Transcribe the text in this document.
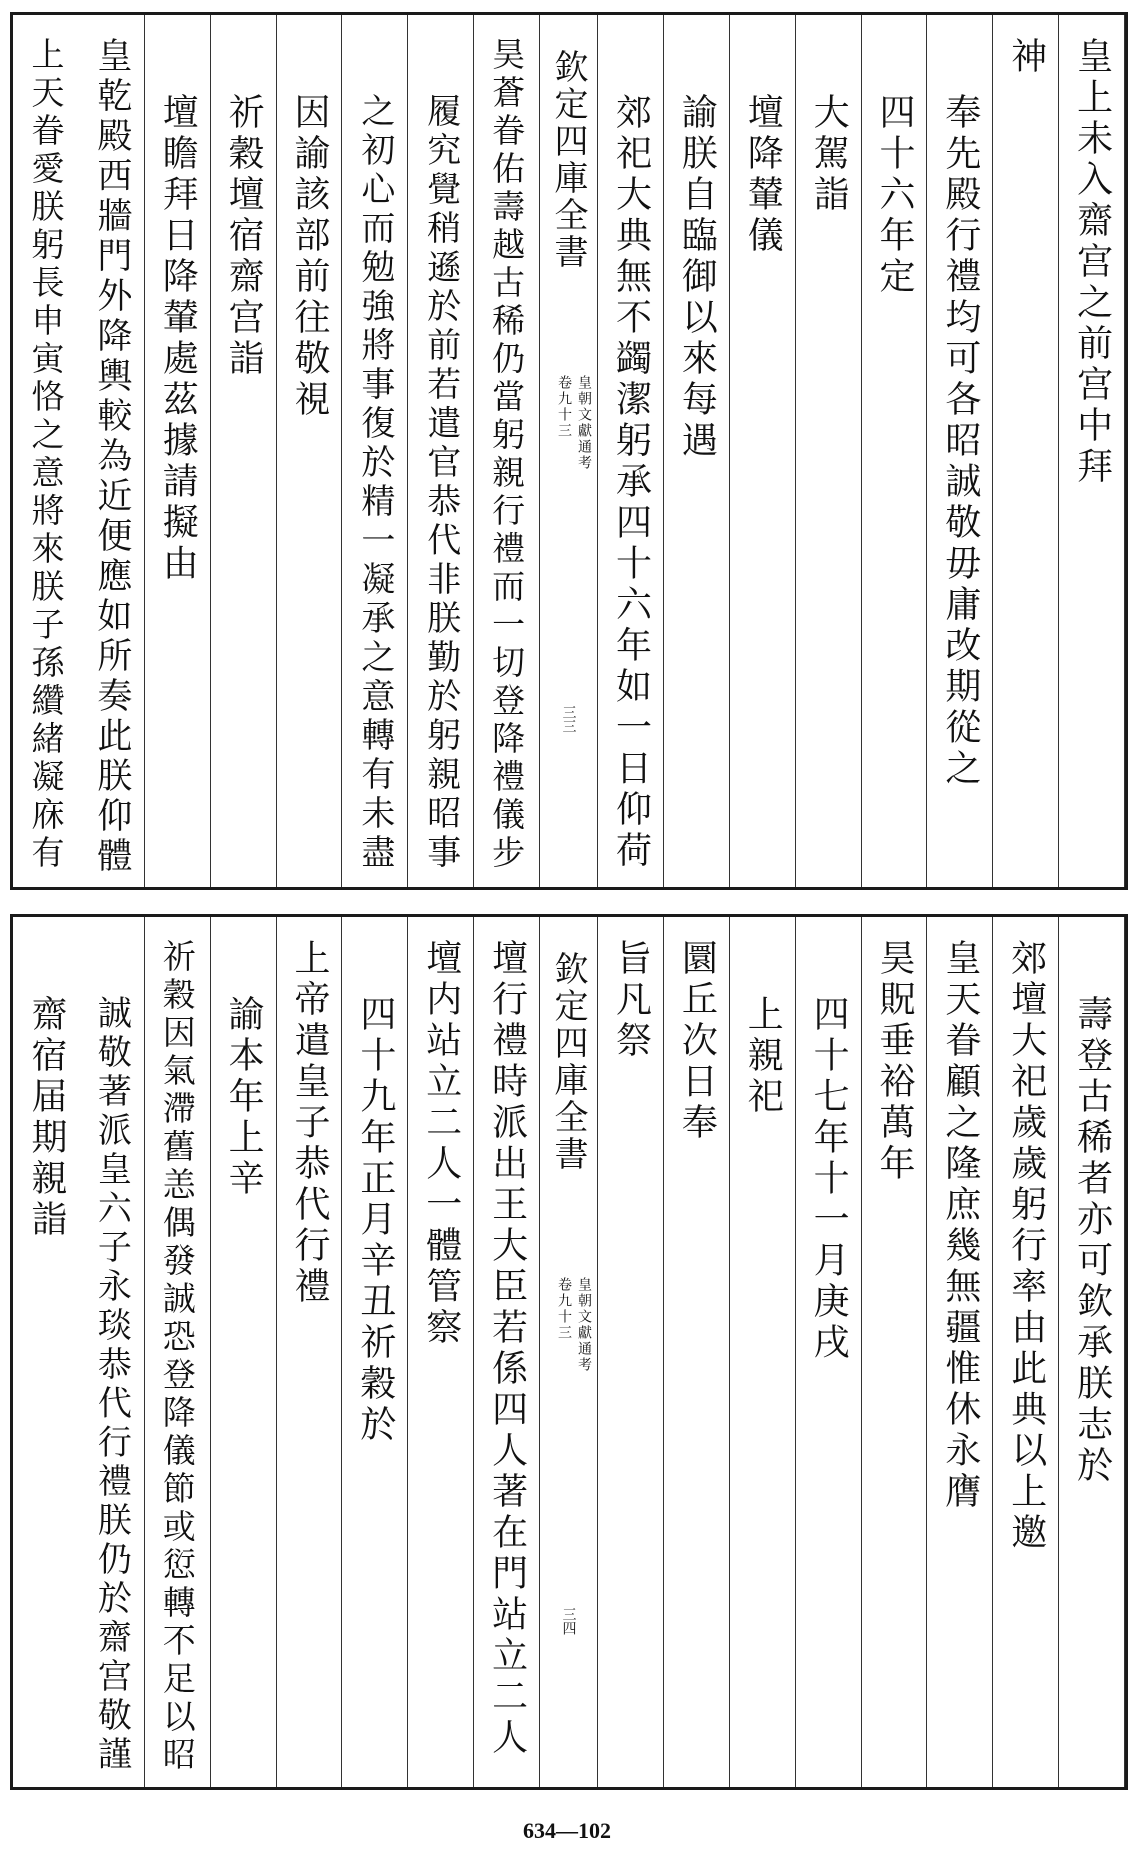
皇上未入齋宫之前宫中拜
神
奉先殿行禮均可各昭誠敬毋庸改期從之
四十六年定
大駕詣
壇降輦儀
諭朕自臨御以來每遇
郊祀大典無不蠲潔躬承四十六年如一日仰荷
欽定四庫全書
皇朝文獻通考
卷九十三
三三
昊蒼眷佑壽越古稀仍當躬親行禮而一切登降禮儀步
履究覺稍遜於前若遣官恭代非朕勤於躬親昭事
之初心而勉強將事復於精一凝承之意轉有未盡
因諭該部前往敬視
祈穀壇宿齋宫詣
壇瞻拜日降輦處茲據請擬由
皇乾殿西牆門外降輿較為近便應如所奏此朕仰體
上天眷愛朕躬長申寅恪之意將來朕子孫纘緒凝庥有
壽登古稀者亦可欽承朕志於
郊壇大祀歲歲躬行率由此典以上邀
皇天眷顧之隆庶幾無疆惟休永膺
昊貺垂裕萬年
四十七年十一月庚戌
上親祀
圜丘次日奉
旨凡祭
欽定四庫全書
皇朝文獻通考
卷九十三
三四
壇行禮時派出王大臣若係四人著在門站立二人
壇内站立二人一體管察
四十九年正月辛丑祈穀於
上帝遣皇子恭代行禮
諭本年上辛
祈穀因氣滯舊恙偶發誠恐登降儀節或愆轉不足以昭
誠敬著派皇六子永琰恭代行禮朕仍於齋宫敬謹
齋宿届期親詣
634—102
